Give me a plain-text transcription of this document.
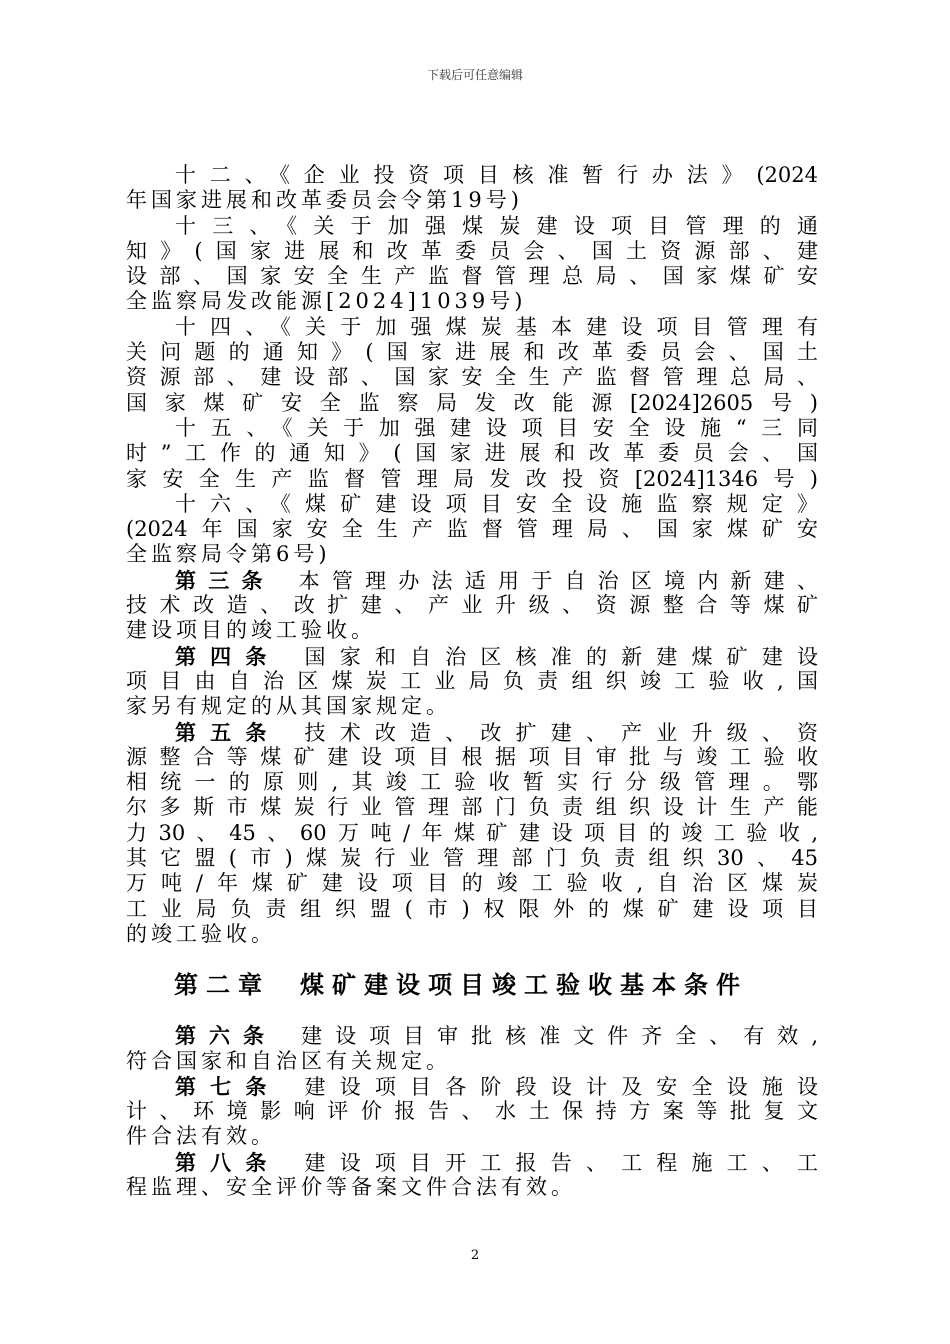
下载后可任意编辑
十二、《企业投资项目核准暂行办法》(2024
年国家进展和改革委员会令第19号)
十三、《关于加强煤炭建设项目管理的通
知》(国家进展和改革委员会、国土资源部、建
设部、国家安全生产监督管理总局、国家煤矿安
全监察局发改能源[2024]1039号)
十四、《关于加强煤炭基本建设项目管理有
关问题的通知》(国家进展和改革委员会、国土
资源部、建设部、国家安全生产监督管理总局、
国家煤矿安全监察局发改能源[2024]2605号)
十五、《关于加强建设项目安全设施“三同
时”工作的通知》(国家进展和改革委员会、国
家安全生产监督管理局发改投资[2024]1346号)
十六、《煤矿建设项目安全设施监察规定》
(2024年国家安全生产监督管理局、国家煤矿安
全监察局令第6号)
第三条 本管理办法适用于自治区境内新建、
技术改造、改扩建、产业升级、资源整合等煤矿
建设项目的竣工验收。
第四条 国家和自治区核准的新建煤矿建设
项目由自治区煤炭工业局负责组织竣工验收,国
家另有规定的从其国家规定。
第五条 技术改造、改扩建、产业升级、资
源整合等煤矿建设项目根据项目审批与竣工验收
相统一的原则,其竣工验收暂实行分级管理。鄂
尔多斯市煤炭行业管理部门负责组织设计生产能
力30、45、60万吨/年煤矿建设项目的竣工验收,
其它盟(市)煤炭行业管理部门负责组织30、45
万吨/年煤矿建设项目的竣工验收,自治区煤炭
工业局负责组织盟(市)权限外的煤矿建设项目
的竣工验收。
第二章 煤矿建设项目竣工验收基本条件
第六条 建设项目审批核准文件齐全、有效,
符合国家和自治区有关规定。
第七条 建设项目各阶段设计及安全设施设
计、环境影响评价报告、水土保持方案等批复文
件合法有效。
第八条 建设项目开工报告、工程施工、工
程监理、安全评价等备案文件合法有效。
2
